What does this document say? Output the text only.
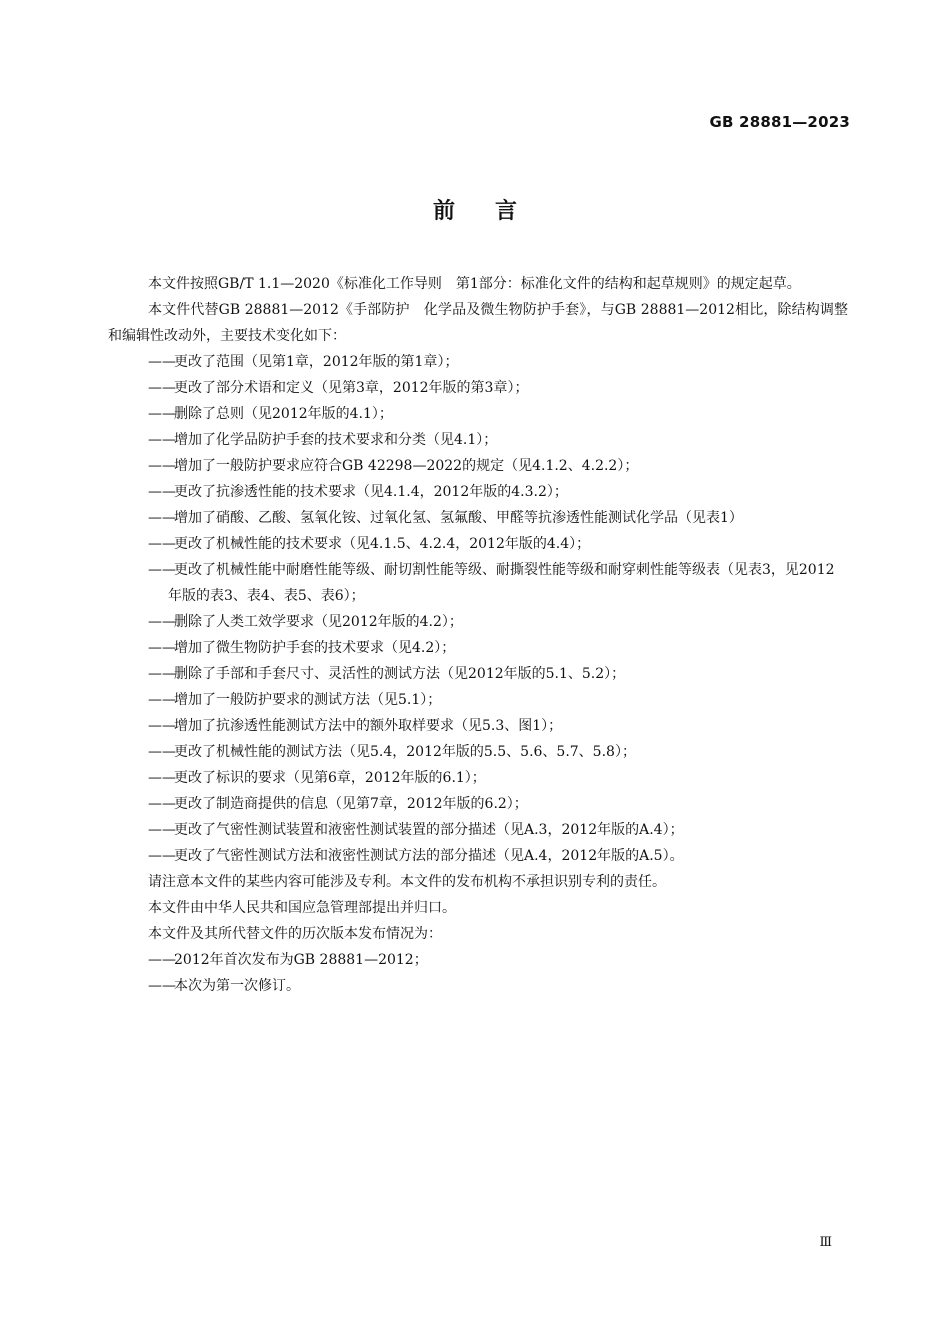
GB 28881—2023
前言
本文件按照GB/T 1.1—2020《标准化工作导则　第1部分：标准化文件的结构和起草规则》的规定起草。
本文件代替GB 28881—2012《手部防护　化学品及微生物防护手套》，与GB 28881—2012相比，除结构调整和编辑性改动外，主要技术变化如下：
——更改了范围（见第1章，2012年版的第1章）；
——更改了部分术语和定义（见第3章，2012年版的第3章）；
——删除了总则（见2012年版的4.1）；
——增加了化学品防护手套的技术要求和分类（见4.1）；
——增加了一般防护要求应符合GB 42298—2022的规定（见4.1.2、4.2.2）；
——更改了抗渗透性能的技术要求（见4.1.4，2012年版的4.3.2）；
——增加了硝酸、乙酸、氢氧化铵、过氧化氢、氢氟酸、甲醛等抗渗透性能测试化学品（见表1）
——更改了机械性能的技术要求（见4.1.5、4.2.4，2012年版的4.4）；
——更改了机械性能中耐磨性能等级、耐切割性能等级、耐撕裂性能等级和耐穿刺性能等级表（见表3，见2012年版的表3、表4、表5、表6）；
——删除了人类工效学要求（见2012年版的4.2）；
——增加了微生物防护手套的技术要求（见4.2）；
——删除了手部和手套尺寸、灵活性的测试方法（见2012年版的5.1、5.2）；
——增加了一般防护要求的测试方法（见5.1）；
——增加了抗渗透性能测试方法中的额外取样要求（见5.3、图1）；
——更改了机械性能的测试方法（见5.4，2012年版的5.5、5.6、5.7、5.8）；
——更改了标识的要求（见第6章，2012年版的6.1）；
——更改了制造商提供的信息（见第7章，2012年版的6.2）；
——更改了气密性测试装置和液密性测试装置的部分描述（见A.3，2012年版的A.4）；
——更改了气密性测试方法和液密性测试方法的部分描述（见A.4，2012年版的A.5）。
请注意本文件的某些内容可能涉及专利。本文件的发布机构不承担识别专利的责任。
本文件由中华人民共和国应急管理部提出并归口。
本文件及其所代替文件的历次版本发布情况为：
——2012年首次发布为GB 28881—2012；
——本次为第一次修订。
Ⅲ
